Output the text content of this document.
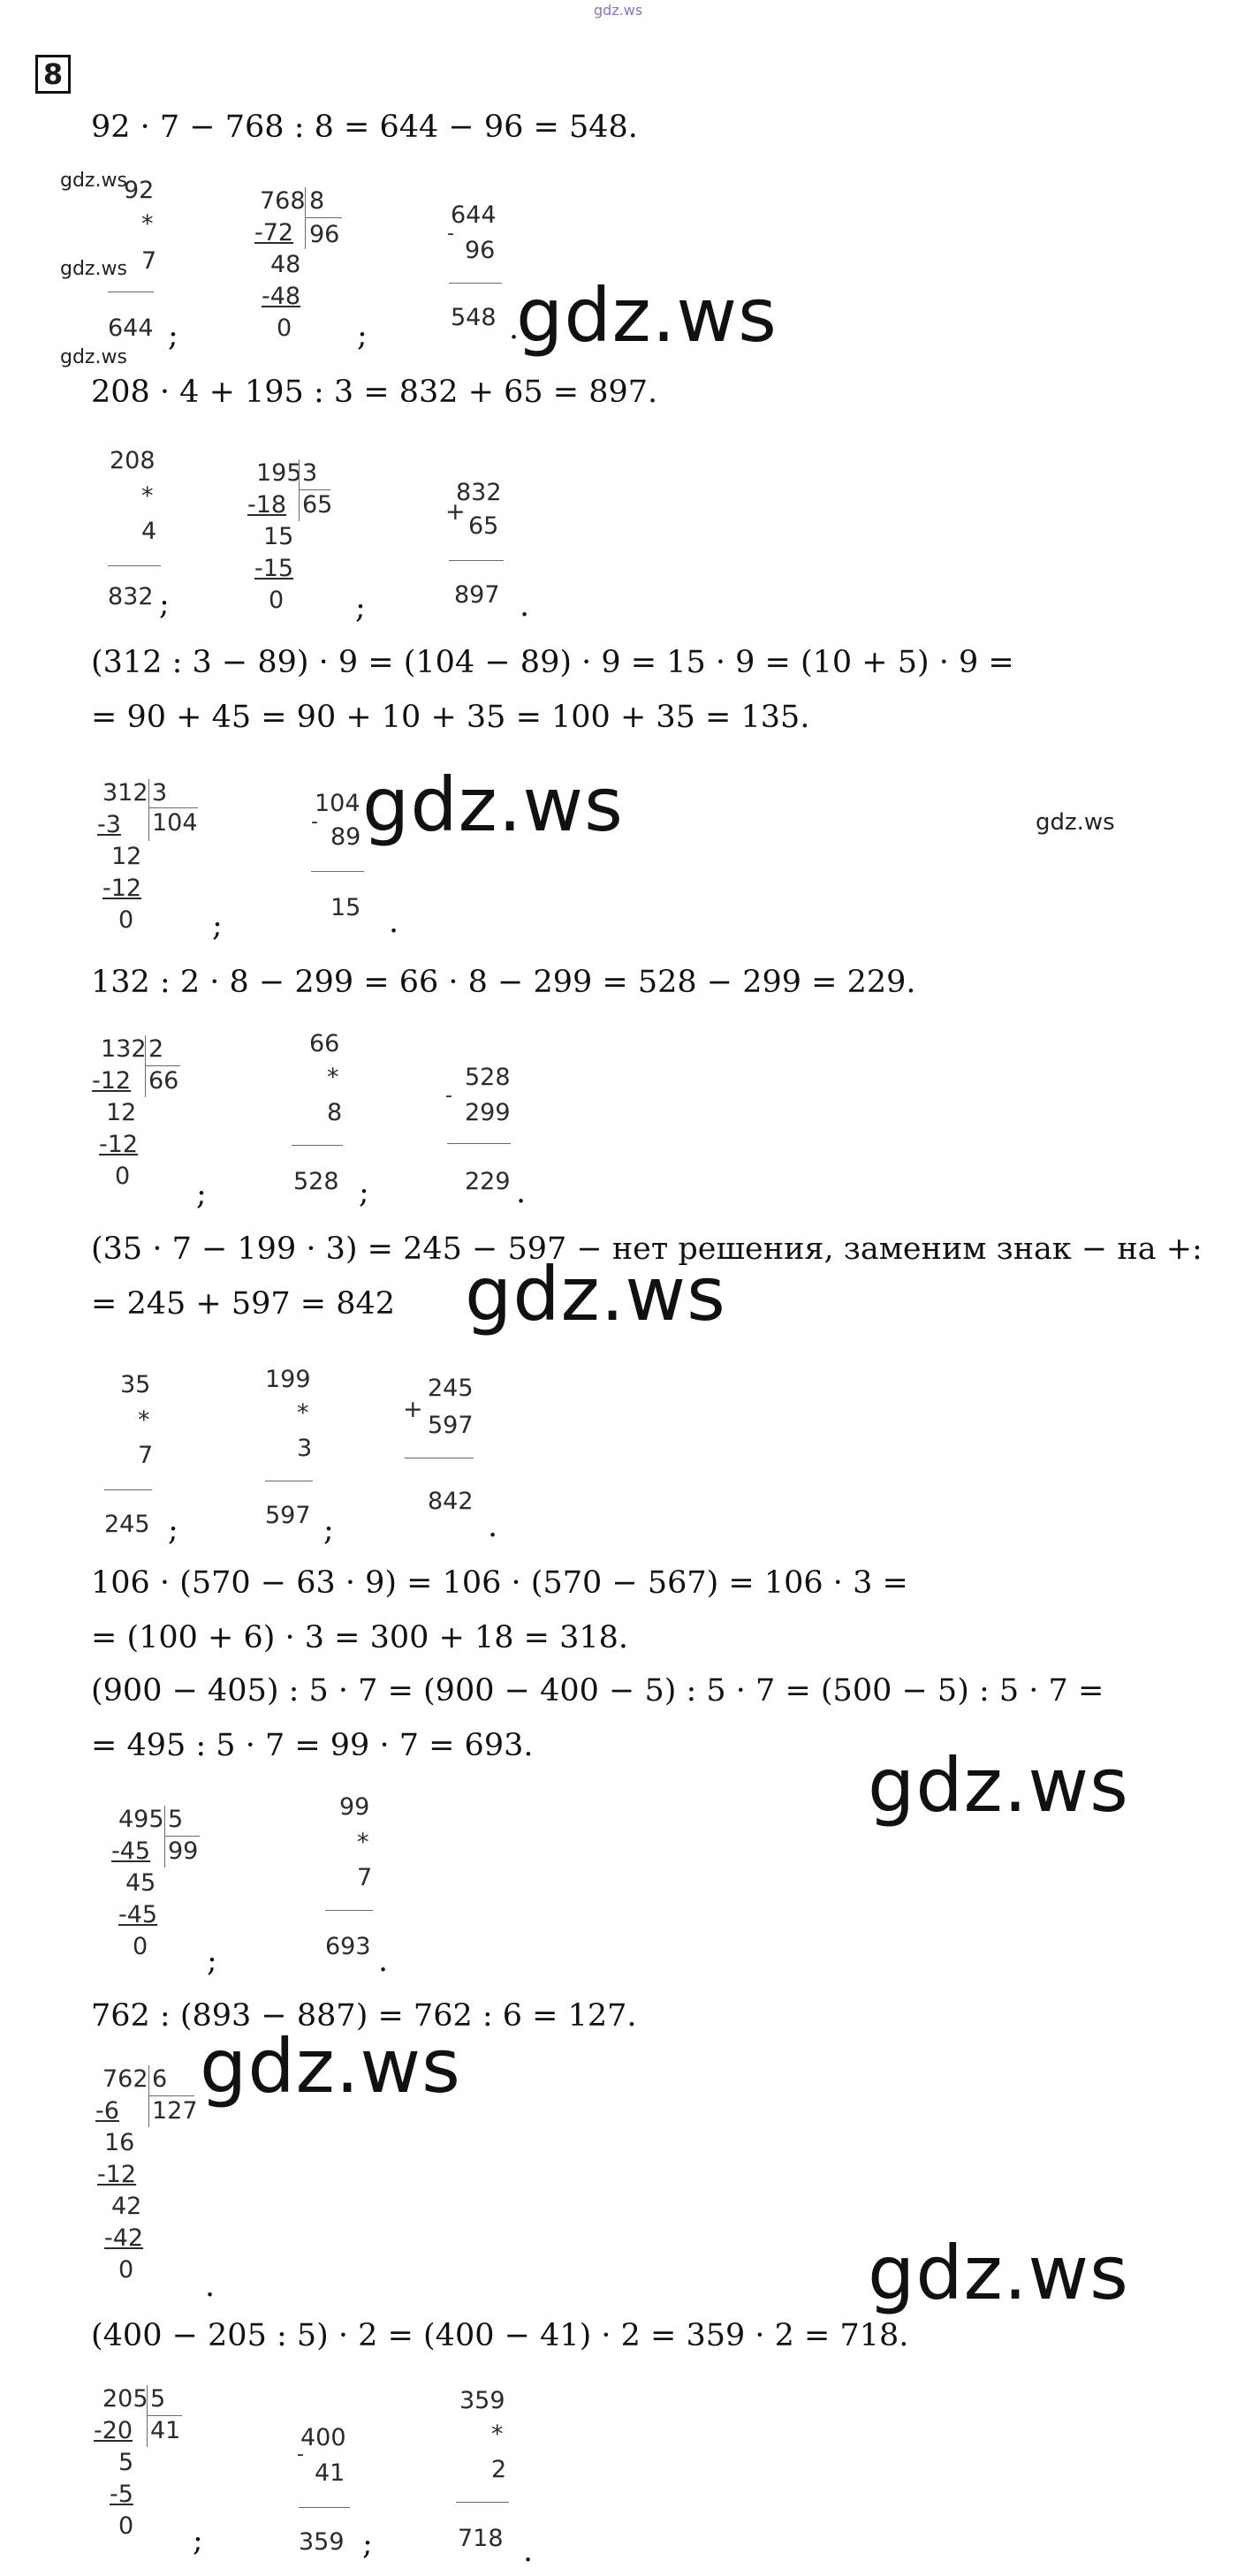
gdz.ws
8
92 · 7 − 768 : 8 = 644 − 96 = 548.
gdz.ws
gdz.ws
gdz.ws
92
*
7
644 ;
768 8
96
-72
48
-48
0 ;
644
-
96
548 .
gdz.ws
208 · 4 + 195 : 3 = 832 + 65 = 897.
208
*
4
832 ;
195 3
65
-18
15
-15
0 ;
832
+
65
897 .
(312 : 3 − 89) · 9 = (104 − 89) · 9 = 15 · 9 = (10 + 5) · 9 =
= 90 + 45 = 90 + 10 + 35 = 100 + 35 = 135.
312 3
104
-3
12
-12
0	;
104
-
89
15 .
gdz.ws	gdz.ws
132 : 2 · 8 − 299 = 66 · 8 − 299 = 528 − 299 = 229.
132 2
66
-12
12
-12
0
;
66
*
8
528 ;
528
-
299
229 .
(35 · 7 − 199 · 3) = 245 − 597 − нет решения, заменим знак − на +:
= 245 + 597 = 842 gdz.ws
35
*
7
245 ;
199
*
3
597 ;
245
+
597
842
.
106 · (570 − 63 · 9) = 106 · (570 − 567) = 106 · 3 =
= (100 + 6) · 3 = 300 + 18 = 318.
(900 − 405) : 5 · 7 = (900 − 400 − 5) : 5 · 7 = (500 − 5) : 5 · 7 =
= 495 : 5 · 7 = 99 · 7 = 693.	gdz.ws
495 5
99
-45
45
-45
0 ;
99
*
7
693 .
762 : (893 − 887) = 762 : 6 = 127.
gdz.ws
762 6
127
-6
16
-12
42
-42
0 .	gdz.ws
(400 − 205 : 5) · 2 = (400 − 41) · 2 = 359 · 2 = 718.
205 5
41
-20
5
-5
0 ;
400
-
41
359 ;
359
*
2
718 .
